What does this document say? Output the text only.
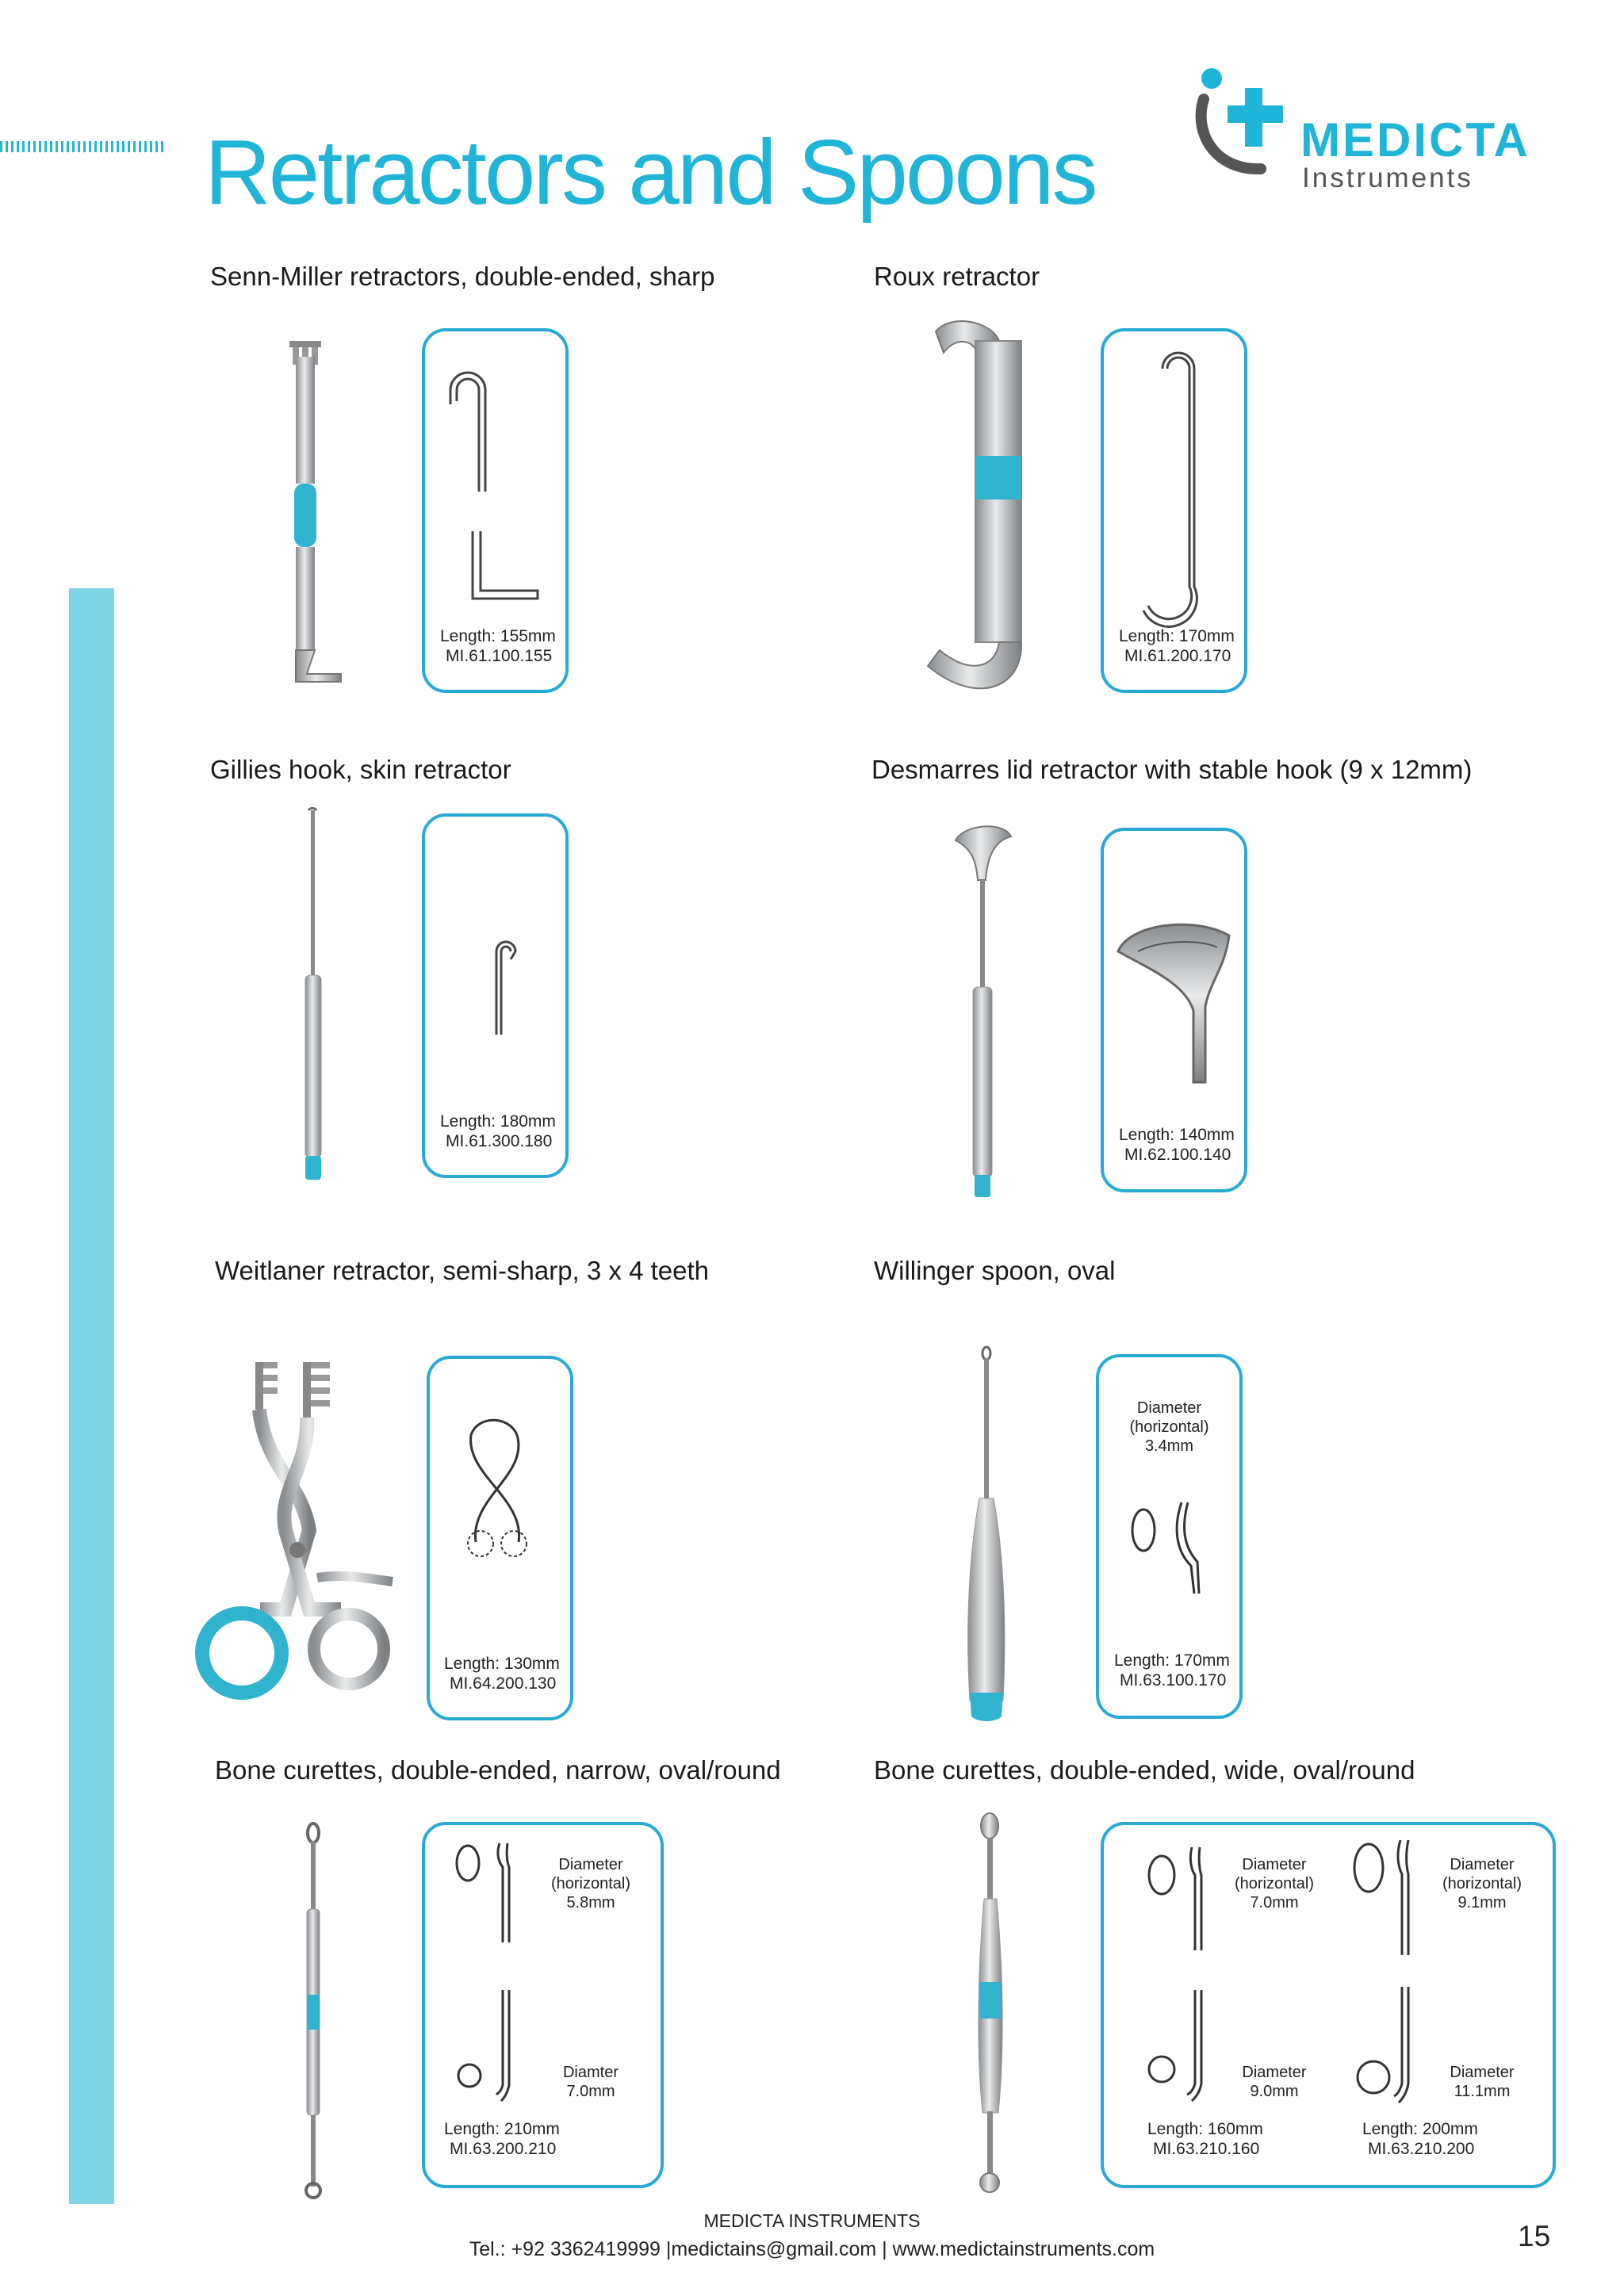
Retractors and Spoons	MEDICTA
Instruments
Senn-Miller retractors, double-ended, sharp
Length: 155mm
MI.61.100.155
Roux retractor
Length: 170mm
MI.61.200.170
Gillies hook, skin retractor
Length: 180mm
MI.61.300.180
Desmarres lid retractor with stable hook (9 x 12mm)
Length: 140mm
MI.62.100.140
Weitlaner retractor, semi-sharp, 3 x 4 teeth
Length: 130mm
MI.64.200.130
Willinger spoon, oval
Diameter
(horizontal)
3.4mm
Length: 170mm
MI.63.100.170
Bone curettes, double-ended, narrow, oval/round
Diameter
(horizontal)
5.8mm
Diamter
7.0mm
Length: 210mm
MI.63.200.210
Bone curettes, double-ended, wide, oval/round
Diameter
(horizontal)
7.0mm
Diameter
9.0mm
Diameter
(horizontal)
9.1mm
Diameter
11.1mm
Length: 160mm
MI.63.210.160
Length: 200mm
MI.63.210.200
MEDICTA INSTRUMENTS
Tel.: +92 3362419999 |medictains@gmail.com | www.medictainstruments.com	15
